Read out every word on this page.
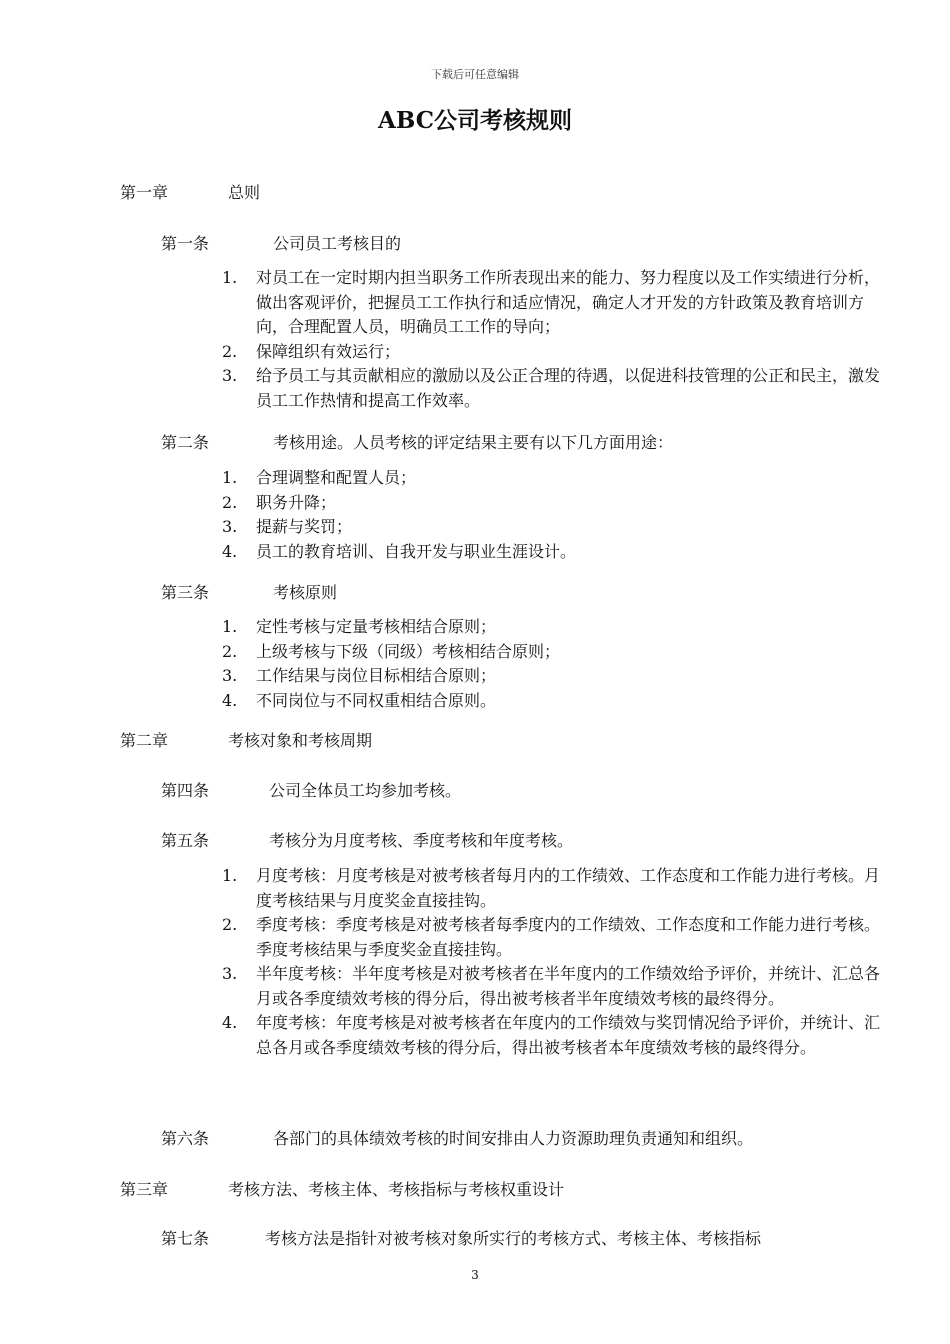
下载后可任意编辑
ABC公司考核规则
第一章	总则
第一条	公司员工考核目的
1. 对员工在一定时期内担当职务工作所表现出来的能力、努力程度以及工作实绩进行分析，做出客观评价，把握员工工作执行和适应情况，确定人才开发的方针政策及教育培训方向，合理配置人员，明确员工工作的导向；
2. 保障组织有效运行；
3. 给予员工与其贡献相应的激励以及公正合理的待遇，以促进科技管理的公正和民主，激发员工工作热情和提高工作效率。
第二条	考核用途。人员考核的评定结果主要有以下几方面用途：
1. 合理调整和配置人员；
2. 职务升降；
3. 提薪与奖罚；
4. 员工的教育培训、自我开发与职业生涯设计。
第三条	考核原则
1. 定性考核与定量考核相结合原则；
2. 上级考核与下级（同级）考核相结合原则；
3. 工作结果与岗位目标相结合原则；
4. 不同岗位与不同权重相结合原则。
第二章	考核对象和考核周期
第四条	公司全体员工均参加考核。
第五条	考核分为月度考核、季度考核和年度考核。
1. 月度考核：月度考核是对被考核者每月内的工作绩效、工作态度和工作能力进行考核。月度考核结果与月度奖金直接挂钩。
2. 季度考核：季度考核是对被考核者每季度内的工作绩效、工作态度和工作能力进行考核。季度考核结果与季度奖金直接挂钩。
3. 半年度考核：半年度考核是对被考核者在半年度内的工作绩效给予评价，并统计、汇总各月或各季度绩效考核的得分后，得出被考核者半年度绩效考核的最终得分。
4. 年度考核：年度考核是对被考核者在年度内的工作绩效与奖罚情况给予评价，并统计、汇总各月或各季度绩效考核的得分后，得出被考核者本年度绩效考核的最终得分。
第六条	各部门的具体绩效考核的时间安排由人力资源助理负责通知和组织。
第三章	考核方法、考核主体、考核指标与考核权重设计
第七条	考核方法是指针对被考核对象所实行的考核方式、考核主体、考核指标
3
